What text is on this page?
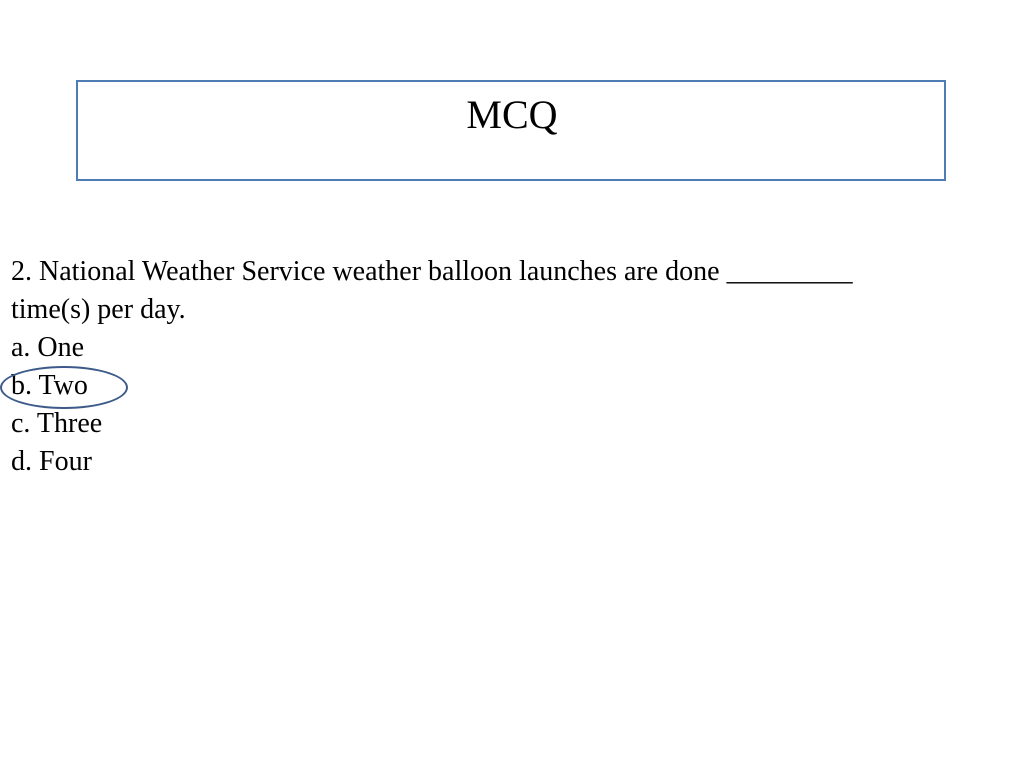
MCQ

2. National Weather Service weather balloon launches are done _________

time(s) per day.

a. One

b. Two

c. Three

d. Four
